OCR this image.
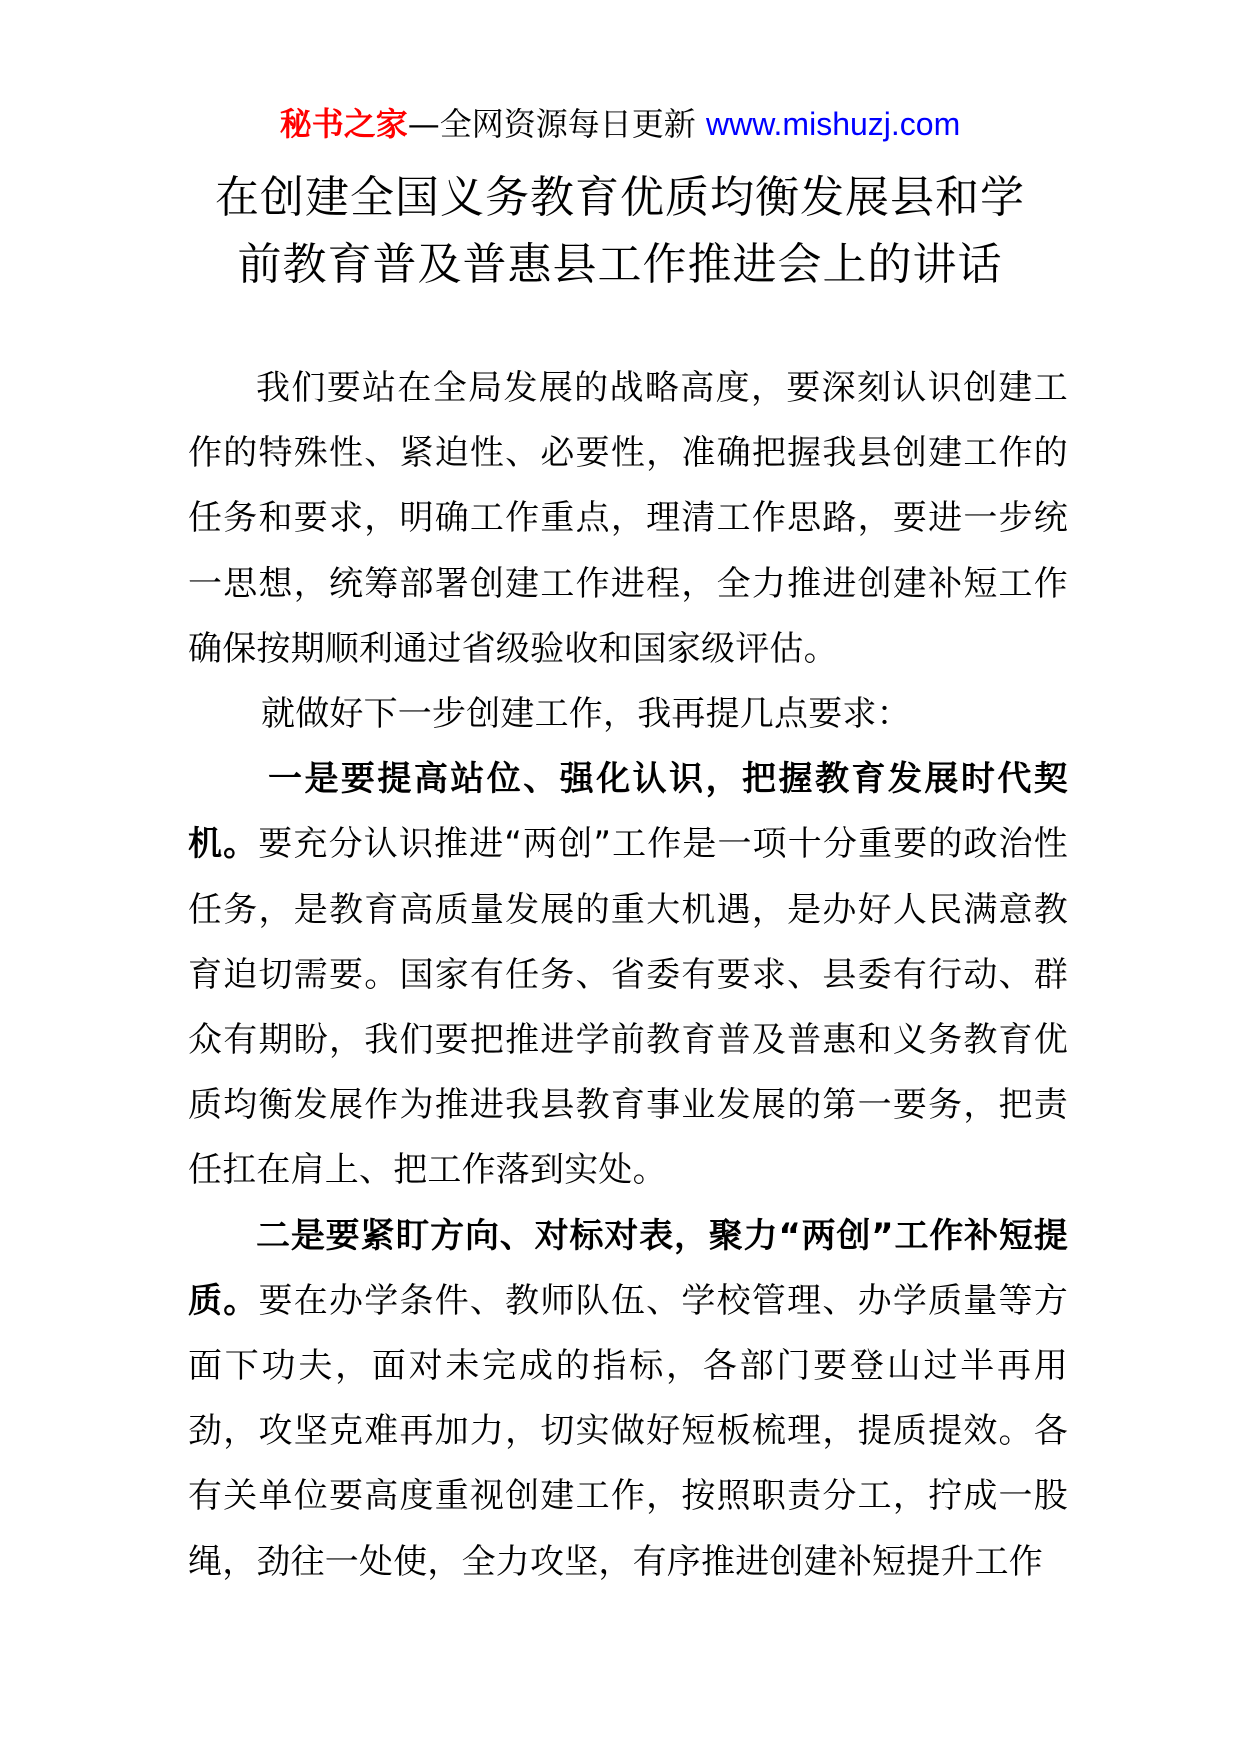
秘书之家—全网资源每日更新 www.mishuzj.com
在创建全国义务教育优质均衡发展县和学
前教育普及普惠县工作推进会上的讲话

我们要站在全局发展的战略高度，要深刻认识创建工作的特殊性、紧迫性、必要性，准确把握我县创建工作的任务和要求，明确工作重点，理清工作思路，要进一步统一思想，统筹部署创建工作进程，全力推进创建补短工作确保按期顺利通过省级验收和国家级评估。

就做好下一步创建工作，我再提几点要求：

一是要提高站位、强化认识，把握教育发展时代契机。要充分认识推进“两创”工作是一项十分重要的政治性任务，是教育高质量发展的重大机遇，是办好人民满意教育迫切需要。国家有任务、省委有要求、县委有行动、群众有期盼，我们要把推进学前教育普及普惠和义务教育优质均衡发展作为推进我县教育事业发展的第一要务，把责任扛在肩上、把工作落到实处。

二是要紧盯方向、对标对表，聚力“两创”工作补短提质。要在办学条件、教师队伍、学校管理、办学质量等方面下功夫，面对未完成的指标，各部门要登山过半再用劲，攻坚克难再加力，切实做好短板梳理，提质提效。各有关单位要高度重视创建工作，按照职责分工，拧成一股绳，劲往一处使，全力攻坚，有序推进创建补短提升工作
